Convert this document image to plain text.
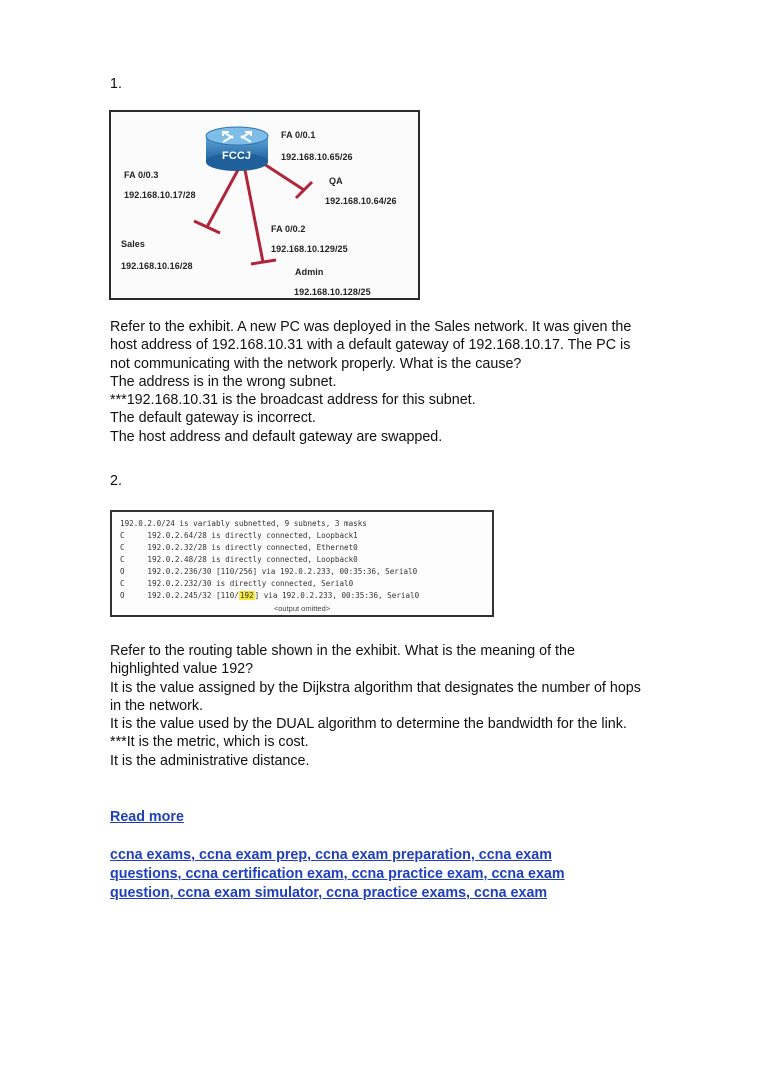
1.
FCCJ
FA 0/0.1
192.168.10.65/26
QA
192.168.10.64/26
FA 0/0.3
192.168.10.17/28
FA 0/0.2
192.168.10.129/25
Sales
192.168.10.16/28
Admin
192.168.10.128/25
Refer to the exhibit. A new PC was deployed in the Sales network. It was given the
host address of 192.168.10.31 with a default gateway of 192.168.10.17. The PC is
not communicating with the network properly. What is the cause?
The address is in the wrong subnet.
***192.168.10.31 is the broadcast address for this subnet.
The default gateway is incorrect.
The host address and default gateway are swapped.
2.
192.0.2.0/24 is variably subnetted, 9 subnets, 3 masks
C     192.0.2.64/28 is directly connected, Loopback1
C     192.0.2.32/28 is directly connected, Ethernet0
C     192.0.2.48/28 is directly connected, Loopback0
O     192.0.2.236/30 [110/256] via 192.0.2.233, 00:35:36, Serial0
C     192.0.2.232/30 is directly connected, Serial0
O     192.0.2.245/32 [110/192] via 192.0.2.233, 00:35:36, Serial0
<output omitted>
Refer to the routing table shown in the exhibit. What is the meaning of the
highlighted value 192?
It is the value assigned by the Dijkstra algorithm that designates the number of hops
in the network.
It is the value used by the DUAL algorithm to determine the bandwidth for the link.
***It is the metric, which is cost.
It is the administrative distance.
Read more
ccna exams, ccna exam prep, ccna exam preparation, ccna exam
questions, ccna certification exam, ccna practice exam, ccna exam
question, ccna exam simulator, ccna practice exams, ccna exam
